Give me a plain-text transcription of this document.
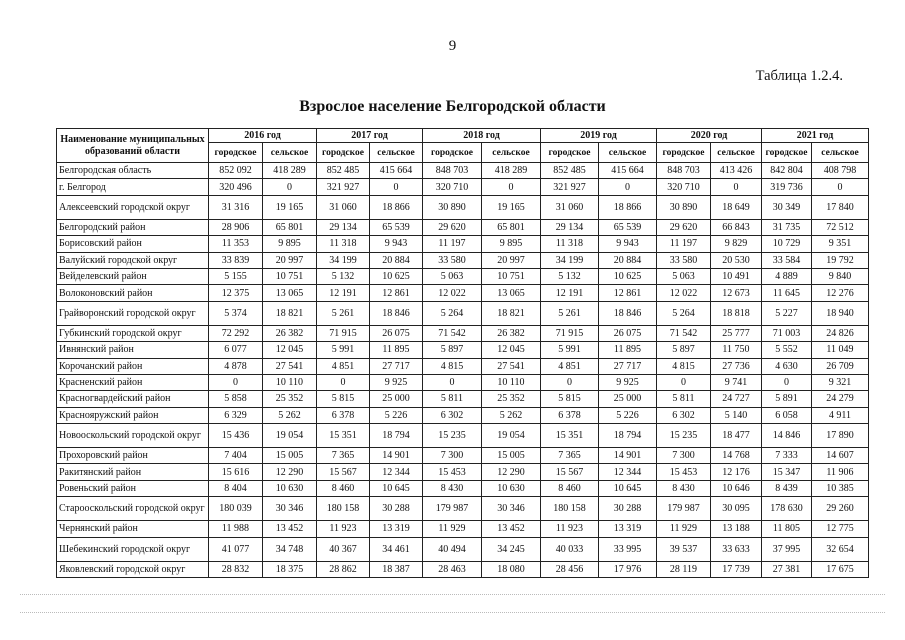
9
Таблица 1.2.4.
Взрослое население Белгородской области
Наименование муниципальных образований области	2016 год		2017 год		2018 год		2019 год		2020 год		2021 год	
	городское	сельское	городское	сельское	городское	сельское	городское	сельское	городское	сельское	городское	сельское
Белгородская область	852 092	418 289	852 485	415 664	848 703	418 289	852 485	415 664	848 703	413 426	842 804	408 798
г. Белгород	320 496	0	321 927	0	320 710	0	321 927	0	320 710	0	319 736	0
Алексеевский городской округ	31 316	19 165	31 060	18 866	30 890	19 165	31 060	18 866	30 890	18 649	30 349	17 840
Белгородский район	28 906	65 801	29 134	65 539	29 620	65 801	29 134	65 539	29 620	66 843	31 735	72 512
Борисовский район	11 353	9 895	11 318	9 943	11 197	9 895	11 318	9 943	11 197	9 829	10 729	9 351
Валуйский городской округ	33 839	20 997	34 199	20 884	33 580	20 997	34 199	20 884	33 580	20 530	33 584	19 792
Вейделевский район	5 155	10 751	5 132	10 625	5 063	10 751	5 132	10 625	5 063	10 491	4 889	9 840
Волоконовский район	12 375	13 065	12 191	12 861	12 022	13 065	12 191	12 861	12 022	12 673	11 645	12 276
Грайворонский городской округ	5 374	18 821	5 261	18 846	5 264	18 821	5 261	18 846	5 264	18 818	5 227	18 940
Губкинский городской округ	72 292	26 382	71 915	26 075	71 542	26 382	71 915	26 075	71 542	25 777	71 003	24 826
Ивнянский район	6 077	12 045	5 991	11 895	5 897	12 045	5 991	11 895	5 897	11 750	5 552	11 049
Корочанский район	4 878	27 541	4 851	27 717	4 815	27 541	4 851	27 717	4 815	27 736	4 630	26 709
Красненский район	0	10 110	0	9 925	0	10 110	0	9 925	0	9 741	0	9 321
Красногвардейский район	5 858	25 352	5 815	25 000	5 811	25 352	5 815	25 000	5 811	24 727	5 891	24 279
Краснояружский район	6 329	5 262	6 378	5 226	6 302	5 262	6 378	5 226	6 302	5 140	6 058	4 911
Новооскольский городской округ	15 436	19 054	15 351	18 794	15 235	19 054	15 351	18 794	15 235	18 477	14 846	17 890
Прохоровский район	7 404	15 005	7 365	14 901	7 300	15 005	7 365	14 901	7 300	14 768	7 333	14 607
Ракитянский район	15 616	12 290	15 567	12 344	15 453	12 290	15 567	12 344	15 453	12 176	15 347	11 906
Ровеньский район	8 404	10 630	8 460	10 645	8 430	10 630	8 460	10 645	8 430	10 646	8 439	10 385
Старооскольский городской округ	180 039	30 346	180 158	30 288	179 987	30 346	180 158	30 288	179 987	30 095	178 630	29 260
Чернянский район	11 988	13 452	11 923	13 319	11 929	13 452	11 923	13 319	11 929	13 188	11 805	12 775
Шебекинский городской округ	41 077	34 748	40 367	34 461	40 494	34 245	40 033	33 995	39 537	33 633	37 995	32 654
Яковлевский городской округ	28 832	18 375	28 862	18 387	28 463	18 080	28 456	17 976	28 119	17 739	27 381	17 675
